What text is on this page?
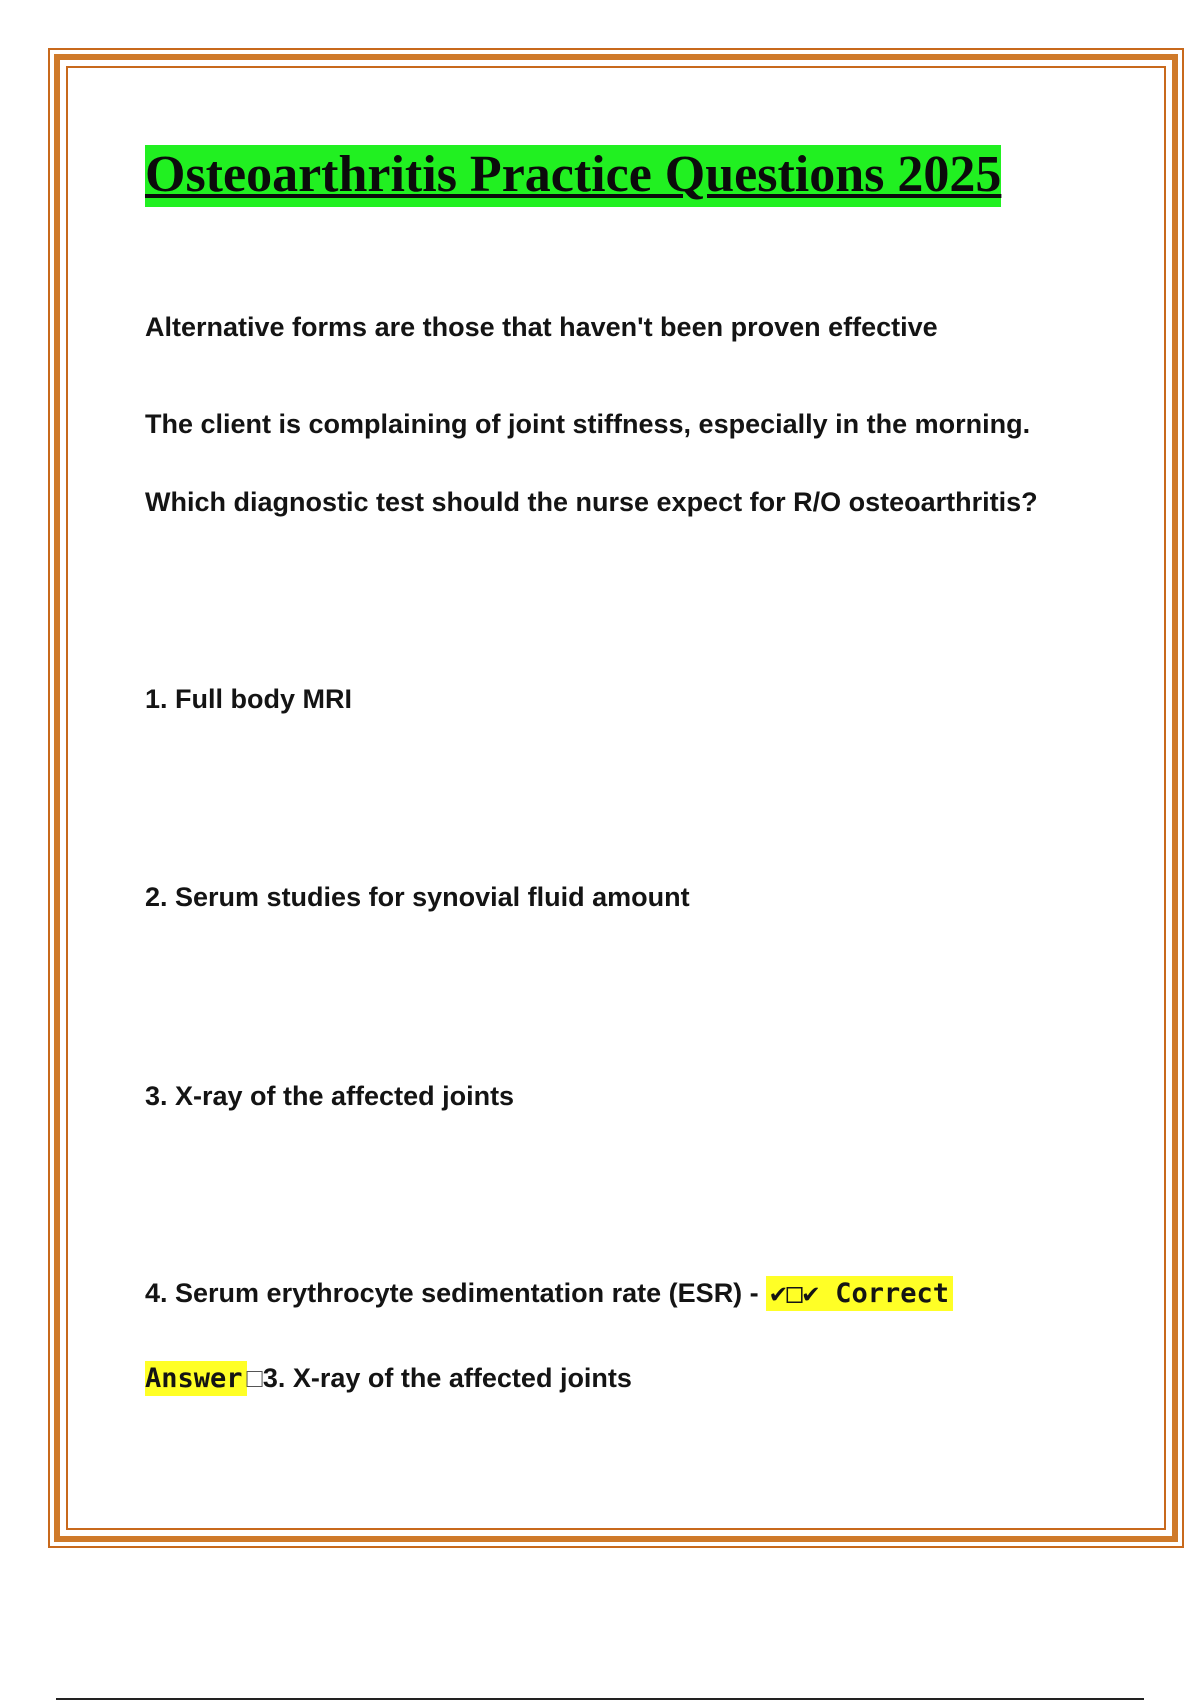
Osteoarthritis Practice Questions 2025

Alternative forms are those that haven't been proven effective

The client is complaining of joint stiffness, especially in the morning.

Which diagnostic test should the nurse expect for R/O osteoarthritis?

1. Full body MRI

2. Serum studies for synovial fluid amount

3. X-ray of the affected joints

4. Serum erythrocyte sedimentation rate (ESR) - ✔□✔ Correct

Answer □3. X-ray of the affected joints
